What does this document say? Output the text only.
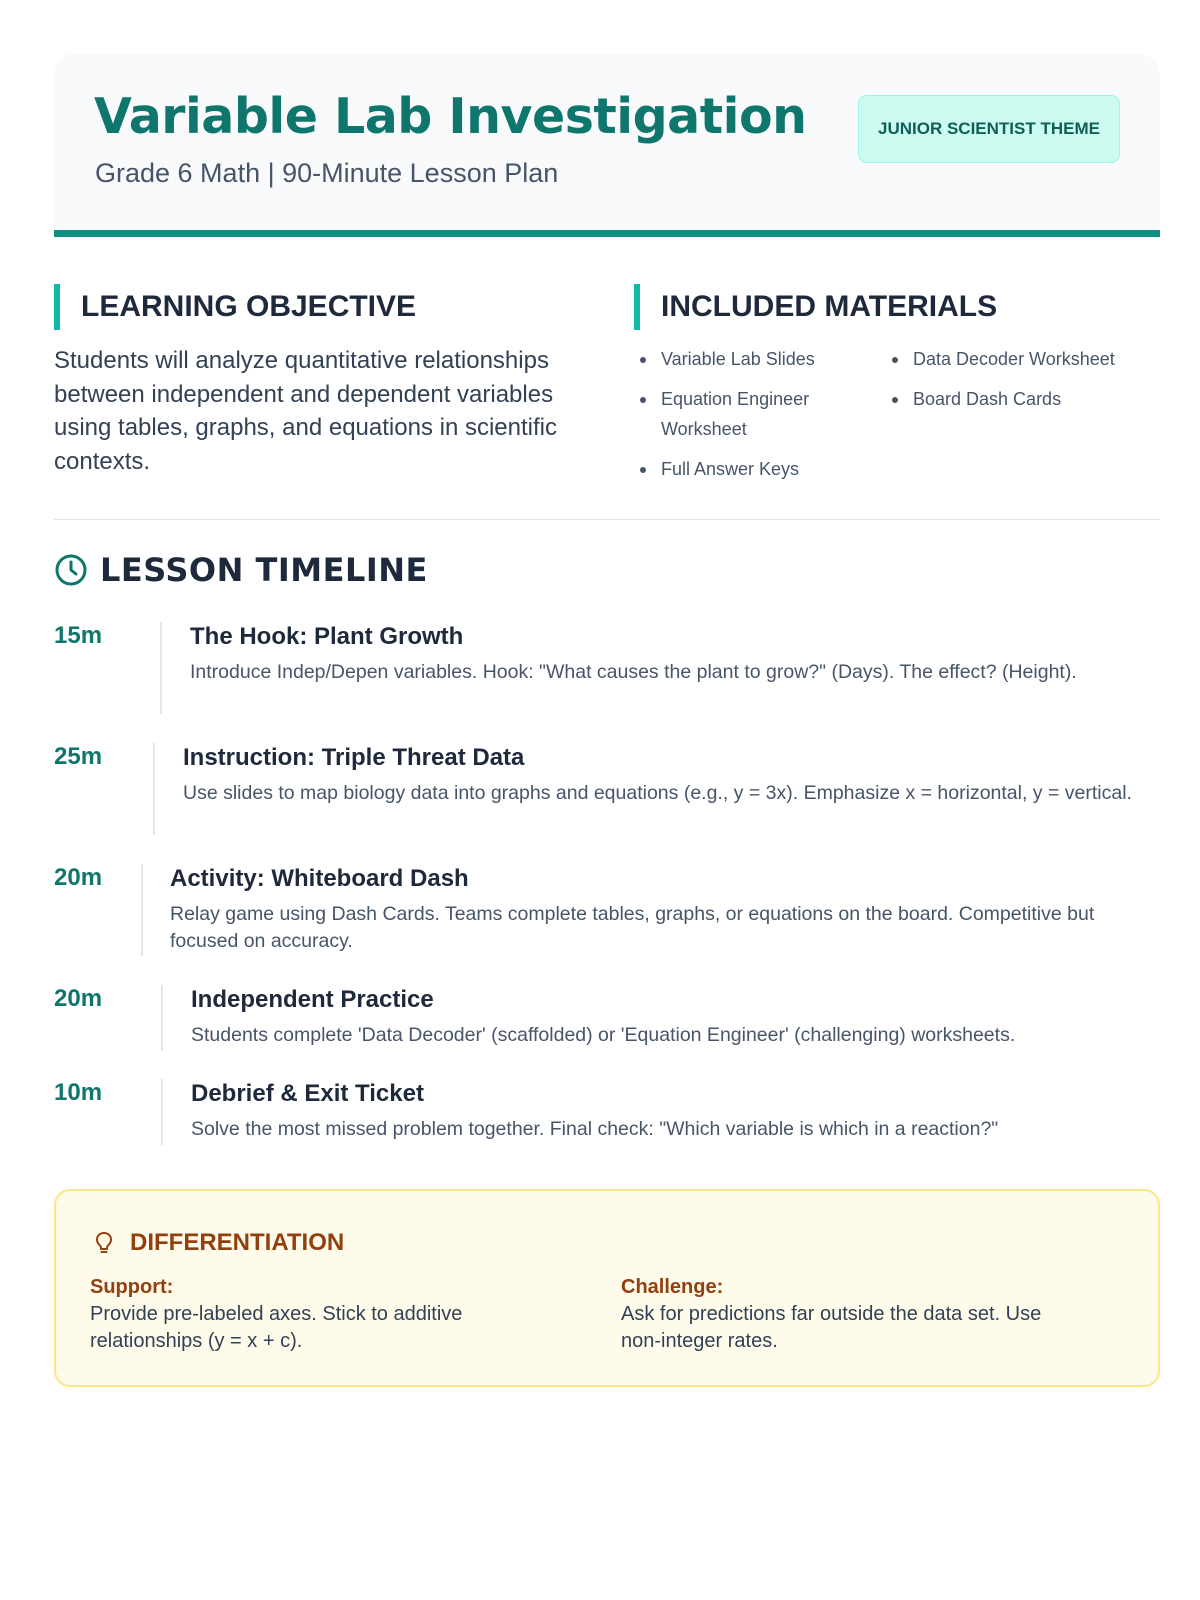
Variable Lab Investigation
Grade 6 Math | 90-Minute Lesson Plan
JUNIOR SCIENTIST THEME
LEARNING OBJECTIVE

Students will analyze quantitative relationships between independent and dependent variables using tables, graphs, and equations in scientific contexts.

INCLUDED MATERIALS
Variable Lab Slides	Data Decoder Worksheet
Equation Engineer Worksheet
Board Dash Cards
Full Answer Keys
LESSON TIMELINE
15m	The Hook: Plant Growth
Introduce Indep/Depen variables. Hook: "What causes the plant to grow?" (Days). The effect? (Height).
25m	Instruction: Triple Threat Data
Use slides to map biology data into graphs and equations (e.g., y = 3x). Emphasize x = horizontal, y = vertical.
20m	Activity: Whiteboard Dash
Relay game using Dash Cards. Teams complete tables, graphs, or equations on the board. Competitive but focused on accuracy.
20m	Independent Practice
Students complete 'Data Decoder' (scaffolded) or 'Equation Engineer' (challenging) worksheets.
10m	Debrief & Exit Ticket
Solve the most missed problem together. Final check: "Which variable is which in a reaction?"
DIFFERENTIATION
Support:
Provide pre-labeled axes. Stick to additive relationships (y = x + c).
Challenge:
Ask for predictions far outside the data set. Use non-integer rates.
